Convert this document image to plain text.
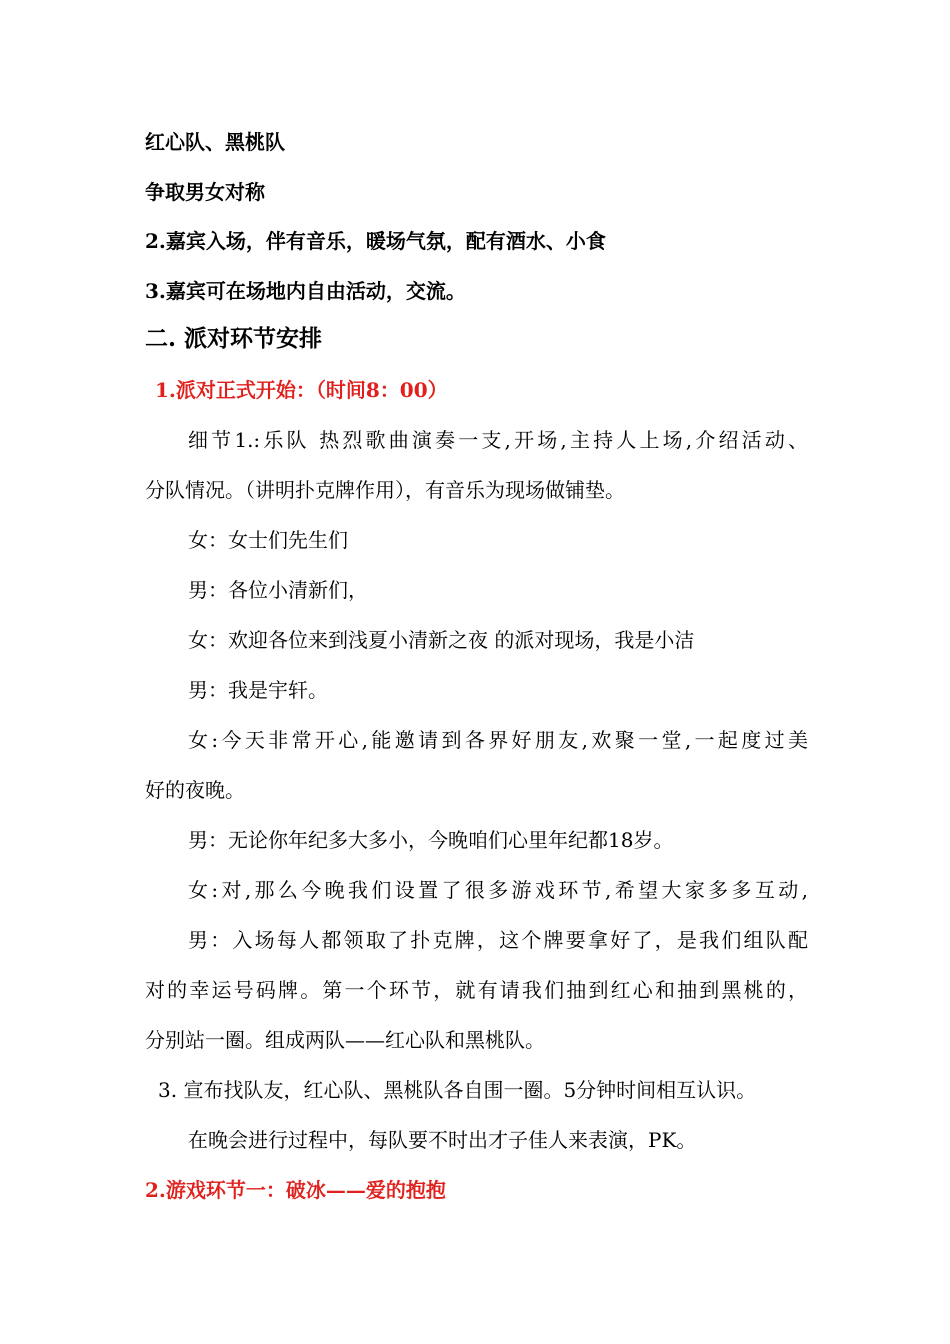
红心队、黑桃队
争取男女对称
2.嘉宾入场，伴有音乐，暖场气氛，配有酒水、小食
3.嘉宾可在场地内自由活动，交流。
二. 派对环节安排
1.派对正式开始：（时间8：00）
细节1.:乐队 热烈歌曲演奏一支,开场,主持人上场,介绍活动、
分队情况。（讲明扑克牌作用），有音乐为现场做铺垫。
女：女士们先生们
男：各位小清新们，
女：欢迎各位来到浅夏小清新之夜 的派对现场，我是小洁
男：我是宇轩。
女:今天非常开心,能邀请到各界好朋友,欢聚一堂,一起度过美
好的夜晚。
男：无论你年纪多大多小，今晚咱们心里年纪都18岁。
女:对,那么今晚我们设置了很多游戏环节,希望大家多多互动,
男：入场每人都领取了扑克牌，这个牌要拿好了，是我们组队配
对的幸运号码牌。第一个环节，就有请我们抽到红心和抽到黑桃的，
分别站一圈。组成两队——红心队和黑桃队。
3. 宣布找队友，红心队、黑桃队各自围一圈。5分钟时间相互认识。
在晚会进行过程中，每队要不时出才子佳人来表演，PK。
2.游戏环节一：破冰——爱的抱抱
